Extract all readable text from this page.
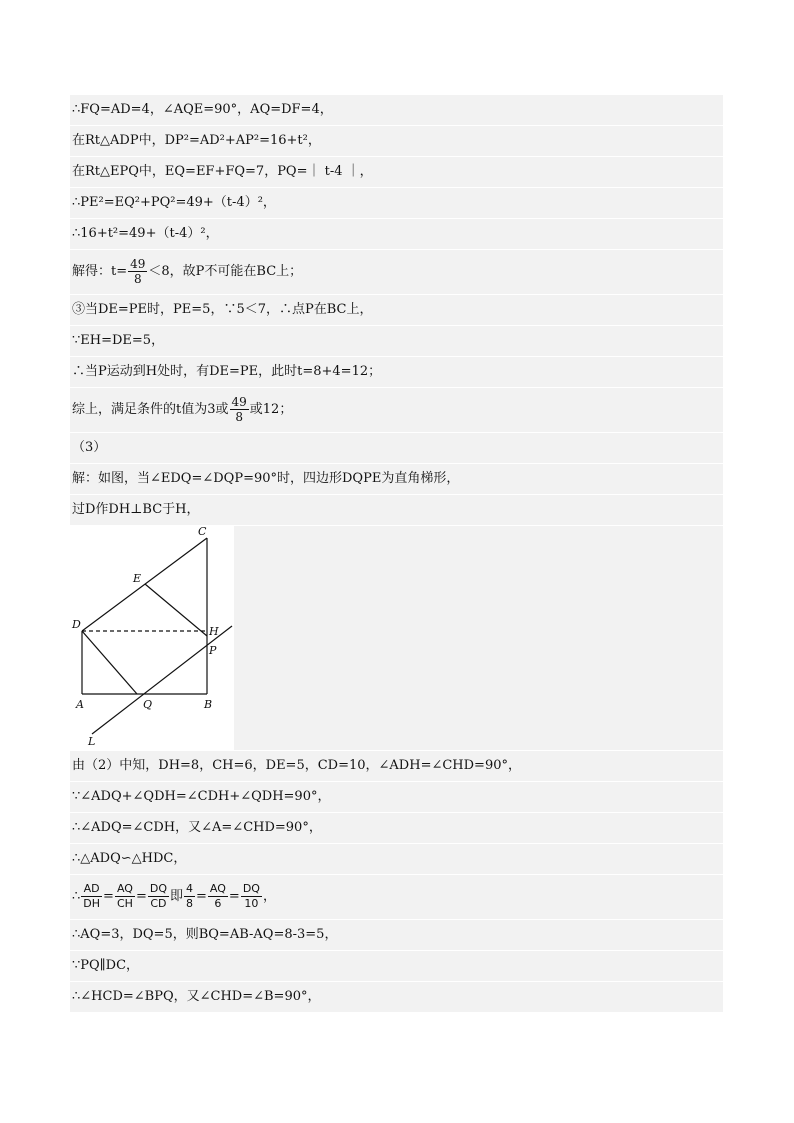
∴FQ=AD=4，∠AQE=90°，AQ=DF=4，
在Rt△ADP中，DP²=AD²+AP²=16+t²，
在Rt△EPQ中，EQ=EF+FQ=7，PQ=｜ t-4 ｜，
∴PE²=EQ²+PQ²=49+（t-4）²，
∴16+t²=49+（t-4）²，
解得：$t= \frac{49}{8} <8$，故P不可能在BC上；
③当DE=PE时，PE=5，∵5＜7，∴点P在BC上，
∵EH=DE=5，
∴当P运动到H处时，有DE=PE，此时t=8+4=12；
综上，满足条件的t值为3或 $\frac{49}{8}$ 或12；
（3）
解：如图，当∠EDQ=∠DQP=90°时，四边形DQPE为直角梯形，
过D作DH⊥BC于H，
C
E
D
H
P
A	Q	B
L
由（2）中知，DH=8，CH=6，DE=5，CD=10，∠ADH=∠CHD=90°，
∵∠ADQ+∠QDH=∠CDH+∠QDH=90°，
∴∠ADQ=∠CDH，又∠A=∠CHD=90°，
∴△ADQ∽△HDC，
∴ $\frac{AD}{DH} = \frac{AQ}{CH} = \frac{DQ}{CD}$ 即 $\frac{4}{8} = \frac{AQ}{6} = \frac{DQ}{10}$ ，
∴AQ=3，DQ=5，则BQ=AB-AQ=8-3=5，
∵PQ∥DC，
∴∠HCD=∠BPQ，又∠CHD=∠B=90°，
